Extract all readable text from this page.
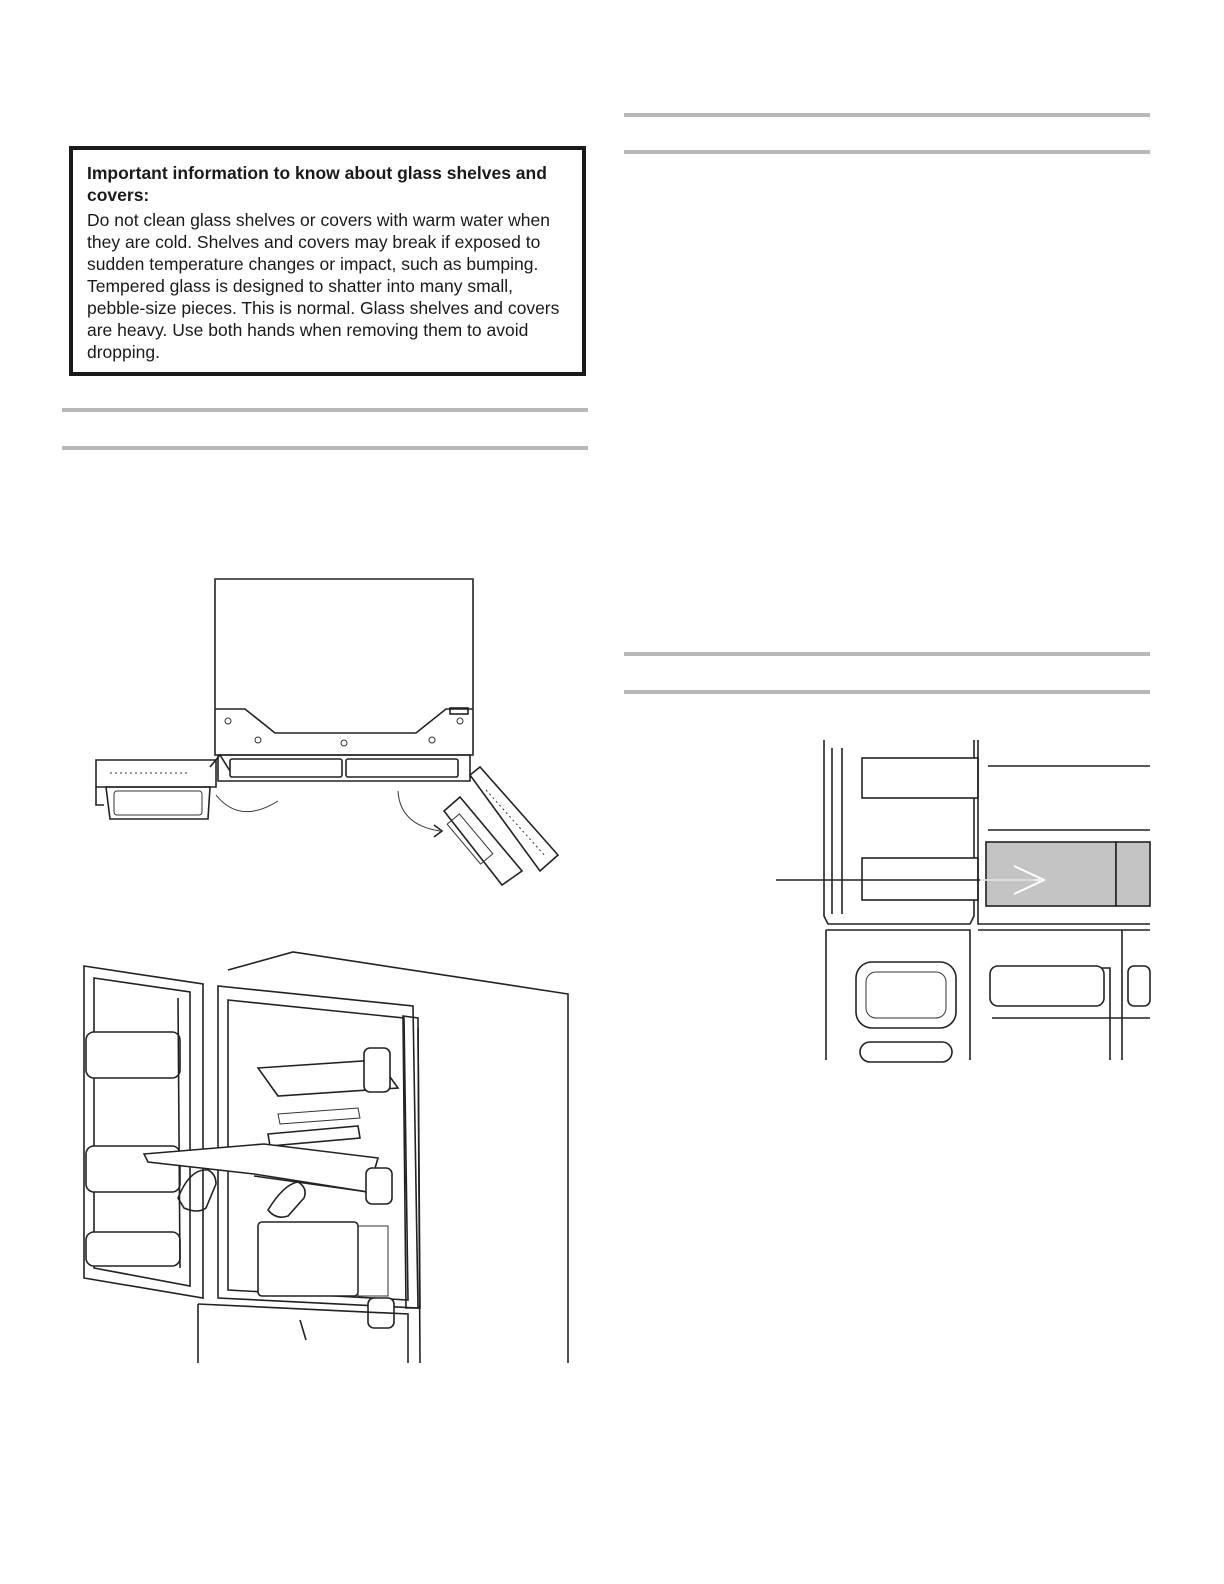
Important information to know about glass shelves and covers:
Do not clean glass shelves or covers with warm water when
they are cold. Shelves and covers may break if exposed to
sudden temperature changes or impact, such as bumping.
Tempered glass is designed to shatter into many small,
pebble-size pieces. This is normal. Glass shelves and covers
are heavy. Use both hands when removing them to avoid
dropping.
